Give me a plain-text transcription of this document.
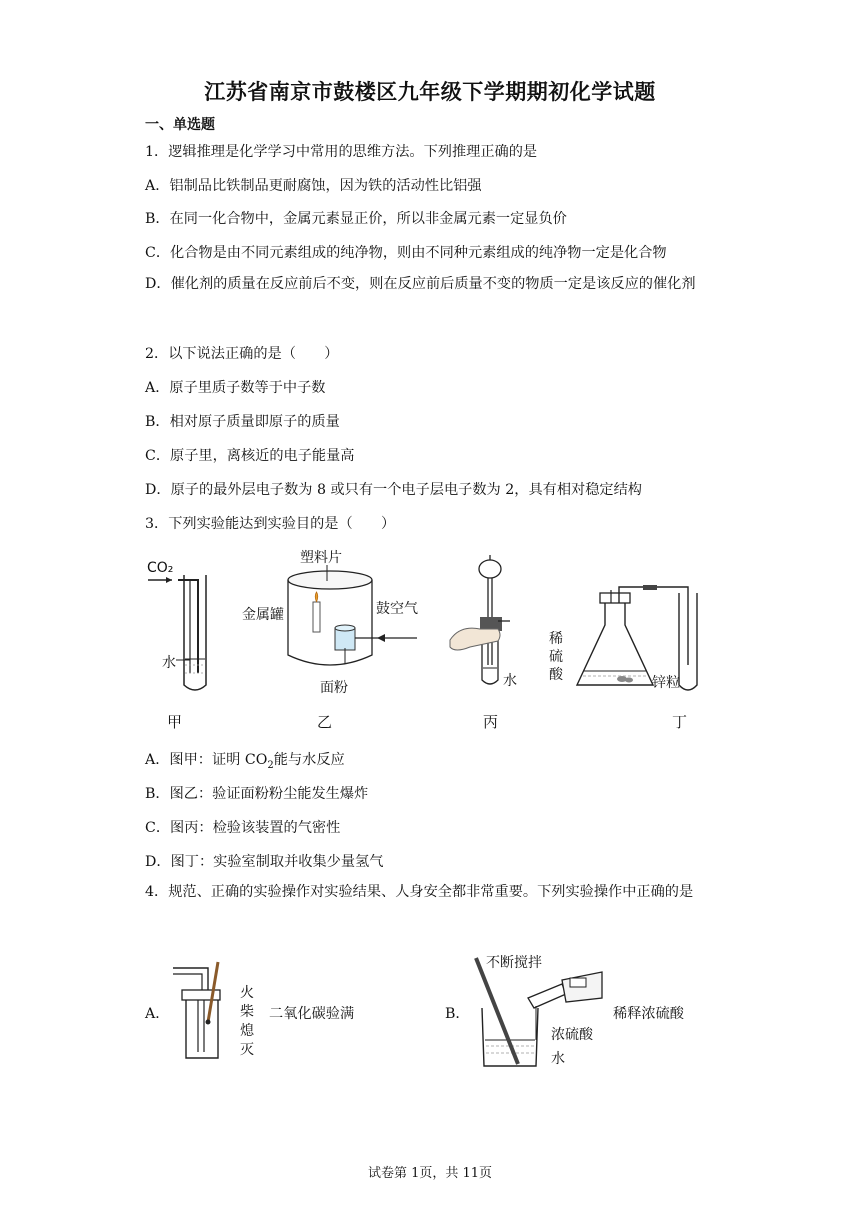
江苏省南京市鼓楼区九年级下学期期初化学试题
一、单选题
1．逻辑推理是化学学习中常用的思维方法。下列推理正确的是
A．铝制品比铁制品更耐腐蚀，因为铁的活动性比铝强
B．在同一化合物中，金属元素显正价，所以非金属元素一定显负价
C．化合物是由不同元素组成的纯净物，则由不同种元素组成的纯净物一定是化合物
D．催化剂的质量在反应前后不变，则在反应前后质量不变的物质一定是该反应的催化剂
2．以下说法正确的是（　　）
A．原子里质子数等于中子数
B．相对原子质量即原子的质量
C．原子里，离核近的电子能量高
D．原子的最外层电子数为 8 或只有一个电子层电子数为 2，具有相对稳定结构
3．下列实验能达到实验目的是（　　）
CO₂
水
塑料片
金属罐	鼓空气
面粉	水
稀
硫
酸	锌粒
甲	乙	丙	丁
A．图甲：证明 $CO_2$能与水反应
B．图乙：验证面粉粉尘能发生爆炸
C．图丙：检验该装置的气密性
D．图丁：实验室制取并收集少量氢气
4．规范、正确的实验操作对实验结果、人身安全都非常重要。下列实验操作中正确的是
A．
火
柴
熄
灭
二氧化碳验满	B．
不断搅拌
浓硫酸
水
稀释浓硫酸
试卷第 1页，共 11页
